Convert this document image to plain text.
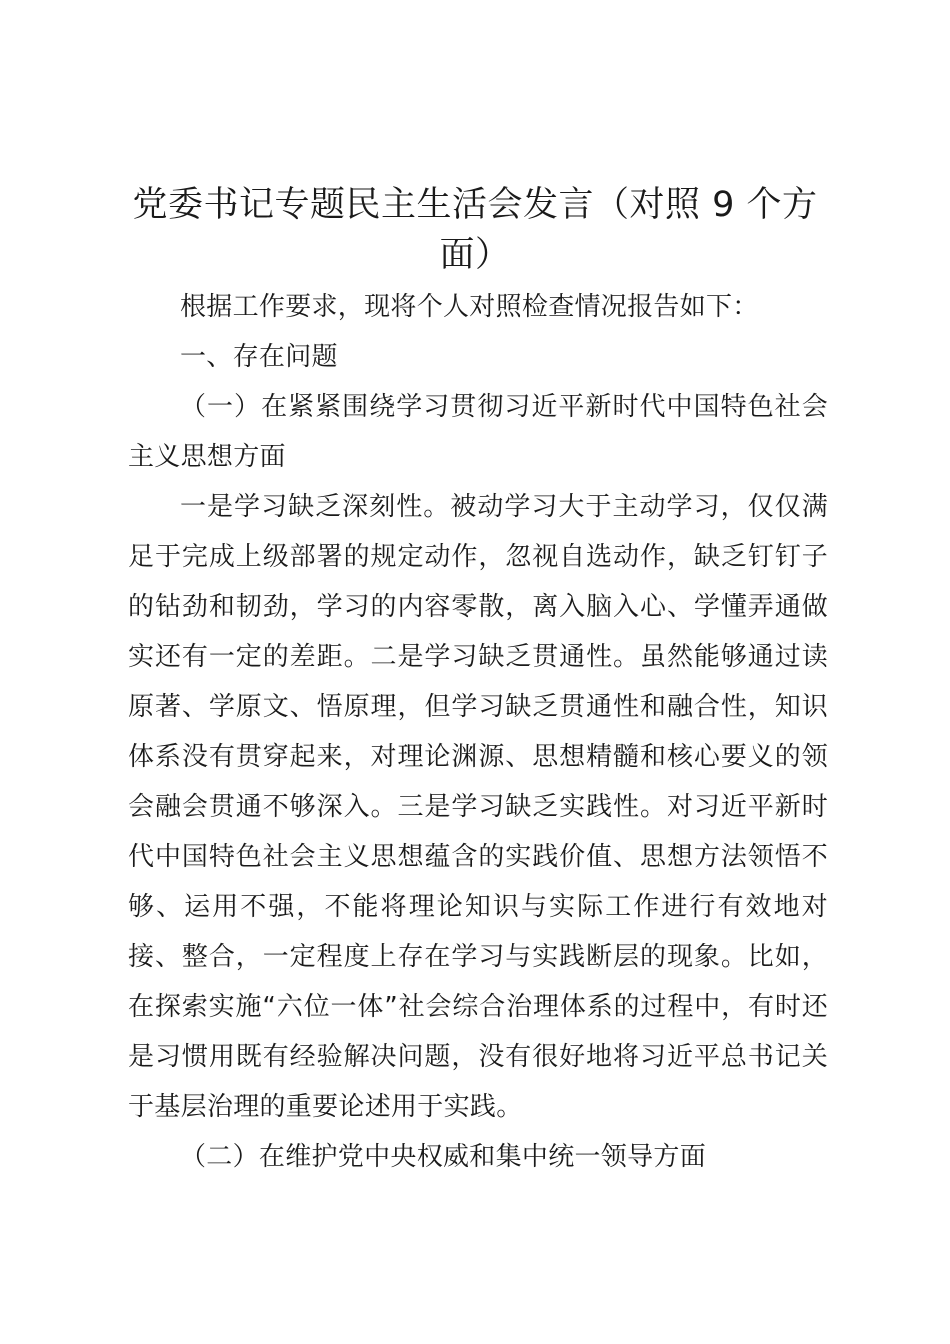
党委书记专题民主生活会发言（对照 9 个方面）

根据工作要求，现将个人对照检查情况报告如下：

一、存在问题

（一）在紧紧围绕学习贯彻习近平新时代中国特色社会主义思想方面

一是学习缺乏深刻性。被动学习大于主动学习，仅仅满足于完成上级部署的规定动作，忽视自选动作，缺乏钉钉子的钻劲和韧劲，学习的内容零散，离入脑入心、学懂弄通做实还有一定的差距。二是学习缺乏贯通性。虽然能够通过读原著、学原文、悟原理，但学习缺乏贯通性和融合性，知识体系没有贯穿起来，对理论渊源、思想精髓和核心要义的领会融会贯通不够深入。三是学习缺乏实践性。对习近平新时代中国特色社会主义思想蕴含的实践价值、思想方法领悟不够、运用不强，不能将理论知识与实际工作进行有效地对接、整合，一定程度上存在学习与实践断层的现象。比如，在探索实施“六位一体”社会综合治理体系的过程中，有时还是习惯用既有经验解决问题，没有很好地将习近平总书记关于基层治理的重要论述用于实践。

（二）在维护党中央权威和集中统一领导方面
